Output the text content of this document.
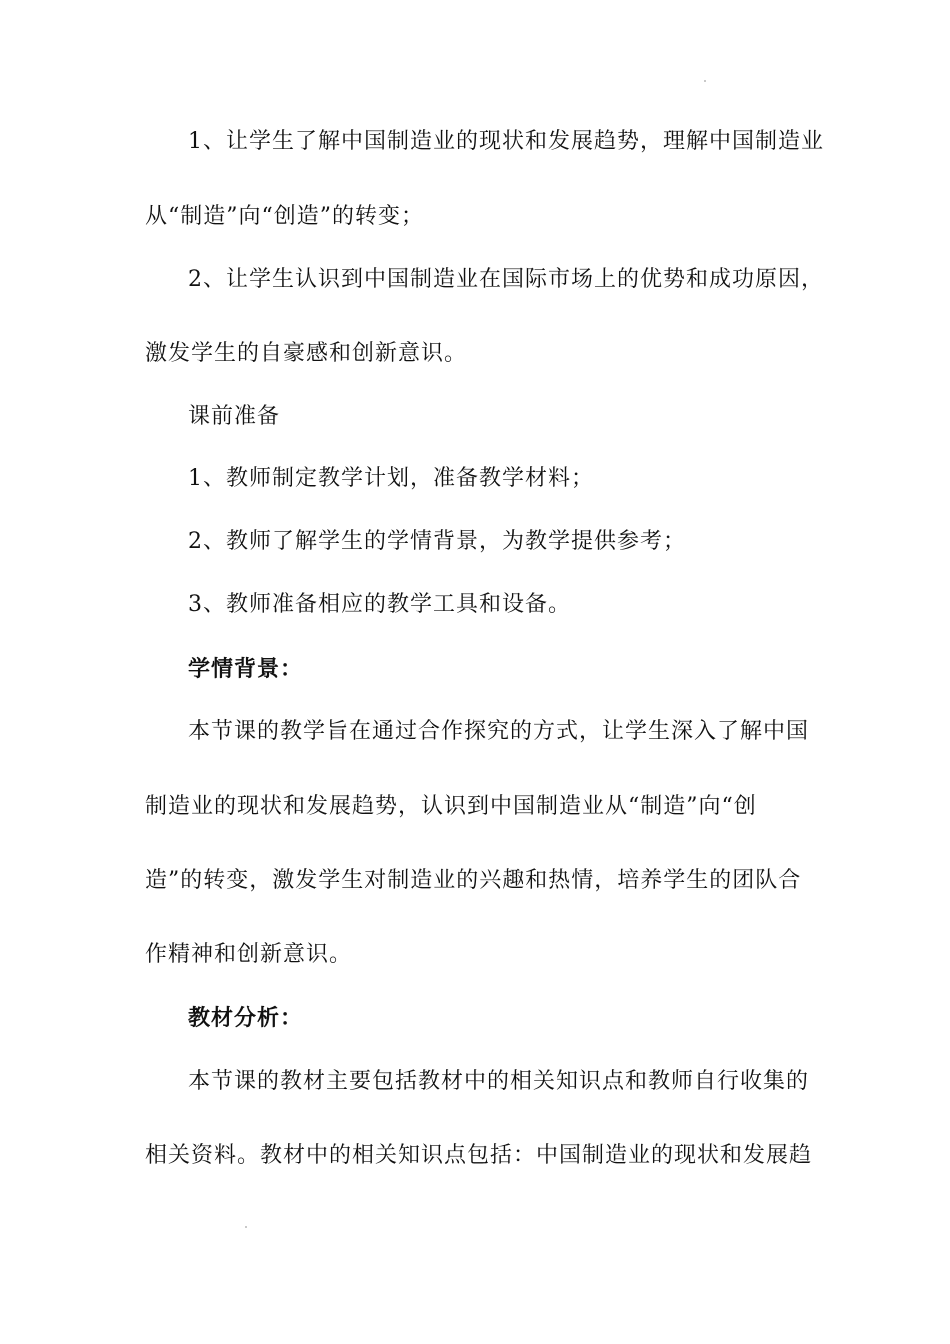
1、让学生了解中国制造业的现状和发展趋势，理解中国制造业
从“制造”向“创造”的转变；
2、让学生认识到中国制造业在国际市场上的优势和成功原因，
激发学生的自豪感和创新意识。
课前准备
1、教师制定教学计划，准备教学材料；
2、教师了解学生的学情背景，为教学提供参考；
3、教师准备相应的教学工具和设备。
学情背景：
本节课的教学旨在通过合作探究的方式，让学生深入了解中国
制造业的现状和发展趋势，认识到中国制造业从“制造”向“创
造”的转变，激发学生对制造业的兴趣和热情，培养学生的团队合
作精神和创新意识。
教材分析：
本节课的教材主要包括教材中的相关知识点和教师自行收集的
相关资料。教材中的相关知识点包括：中国制造业的现状和发展趋
